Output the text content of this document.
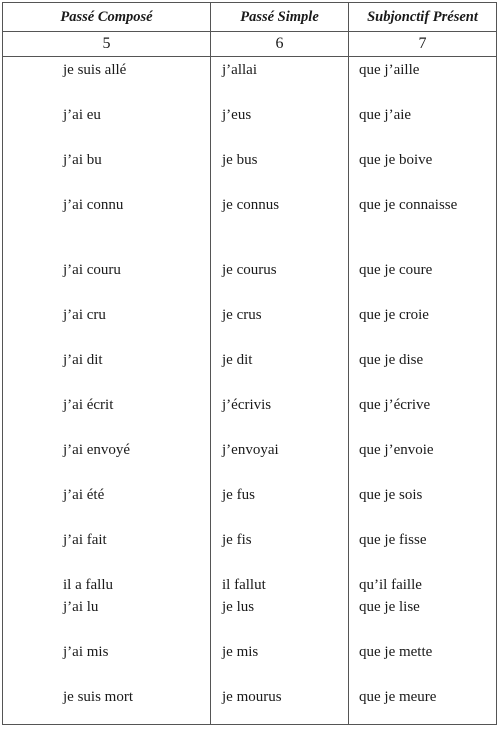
Passé Composé	Passé Simple	Subjonctif Présent
5	6	7

je suis allé	j’allai	que j’aille

j’ai eu	j’eus	que j’aie

j’ai bu	je bus	que je boive

j’ai connu	je connus	que je connaisse

j’ai couru	je courus	que je coure

j’ai cru	je crus	que je croie

j’ai dit	je dit	que je dise

j’ai écrit	j’écrivis	que j’écrive

j’ai envoyé	j’envoyai	que j’envoie

j’ai été	je fus	que je sois

j’ai fait	je fis	que je fisse

il a fallu	il fallut	qu’il faille

j’ai lu	je lus	que je lise

j’ai mis	je mis	que je mette

je suis mort	je mourus	que je meure
